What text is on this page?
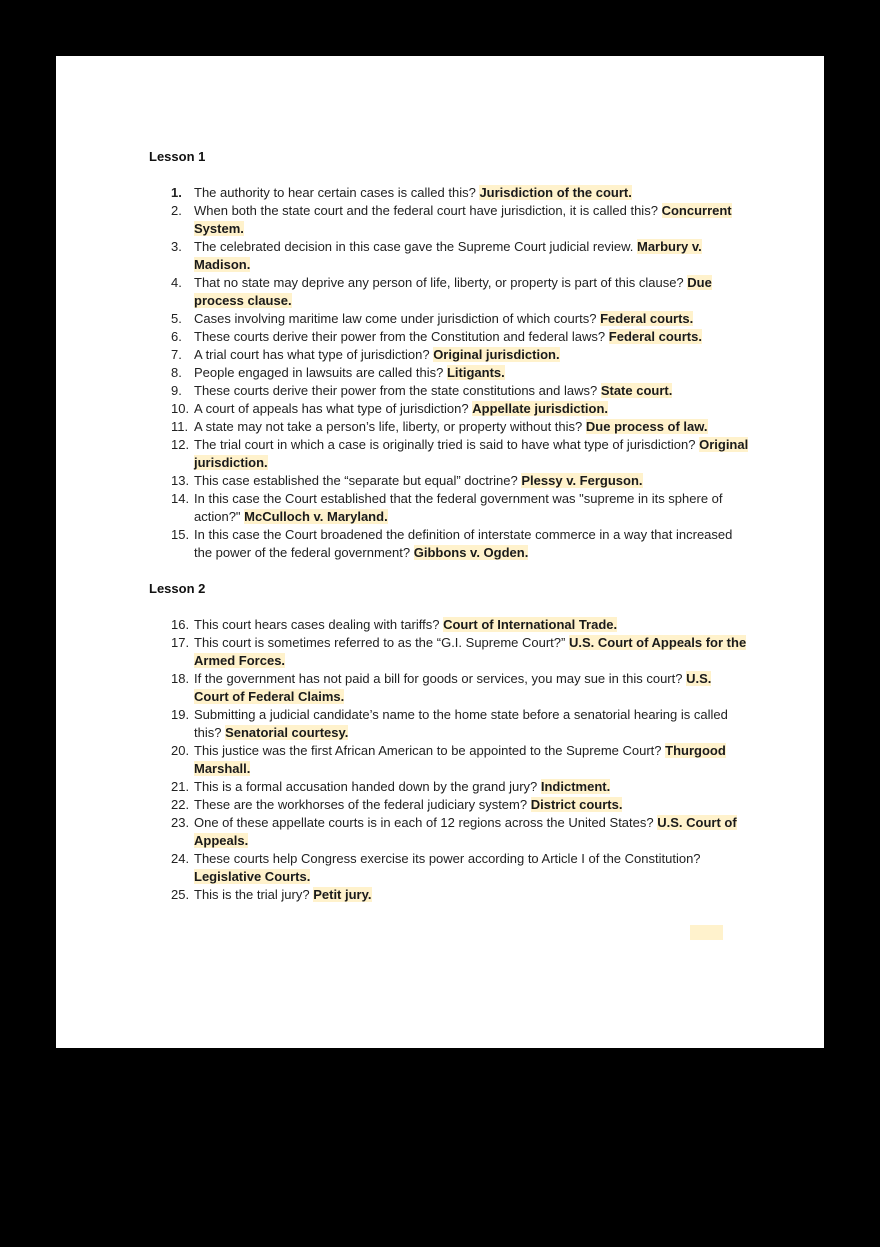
Lesson 1
1. The authority to hear certain cases is called this? Jurisdiction of the court.
2. When both the state court and the federal court have jurisdiction, it is called this? Concurrent System.
3. The celebrated decision in this case gave the Supreme Court judicial review. Marbury v. Madison.
4. That no state may deprive any person of life, liberty, or property is part of this clause? Due process clause.
5. Cases involving maritime law come under jurisdiction of which courts? Federal courts.
6. These courts derive their power from the Constitution and federal laws? Federal courts.
7. A trial court has what type of jurisdiction? Original jurisdiction.
8. People engaged in lawsuits are called this? Litigants.
9. These courts derive their power from the state constitutions and laws? State court.
10. A court of appeals has what type of jurisdiction? Appellate jurisdiction.
11. A state may not take a person’s life, liberty, or property without this? Due process of law.
12. The trial court in which a case is originally tried is said to have what type of jurisdiction? Original jurisdiction.
13. This case established the “separate but equal” doctrine? Plessy v. Ferguson.
14. In this case the Court established that the federal government was "supreme in its sphere of action?" McCulloch v. Maryland.
15. In this case the Court broadened the definition of interstate commerce in a way that increased the power of the federal government? Gibbons v. Ogden.
Lesson 2
16. This court hears cases dealing with tariffs? Court of International Trade.
17. This court is sometimes referred to as the “G.I. Supreme Court?” U.S. Court of Appeals for the Armed Forces.
18. If the government has not paid a bill for goods or services, you may sue in this court? U.S. Court of Federal Claims.
19. Submitting a judicial candidate’s name to the home state before a senatorial hearing is called this? Senatorial courtesy.
20. This justice was the first African American to be appointed to the Supreme Court? Thurgood Marshall.
21. This is a formal accusation handed down by the grand jury? Indictment.
22. These are the workhorses of the federal judiciary system? District courts.
23. One of these appellate courts is in each of 12 regions across the United States? U.S. Court of Appeals.
24. These courts help Congress exercise its power according to Article I of the Constitution? Legislative Courts.
25. This is the trial jury? Petit jury.
